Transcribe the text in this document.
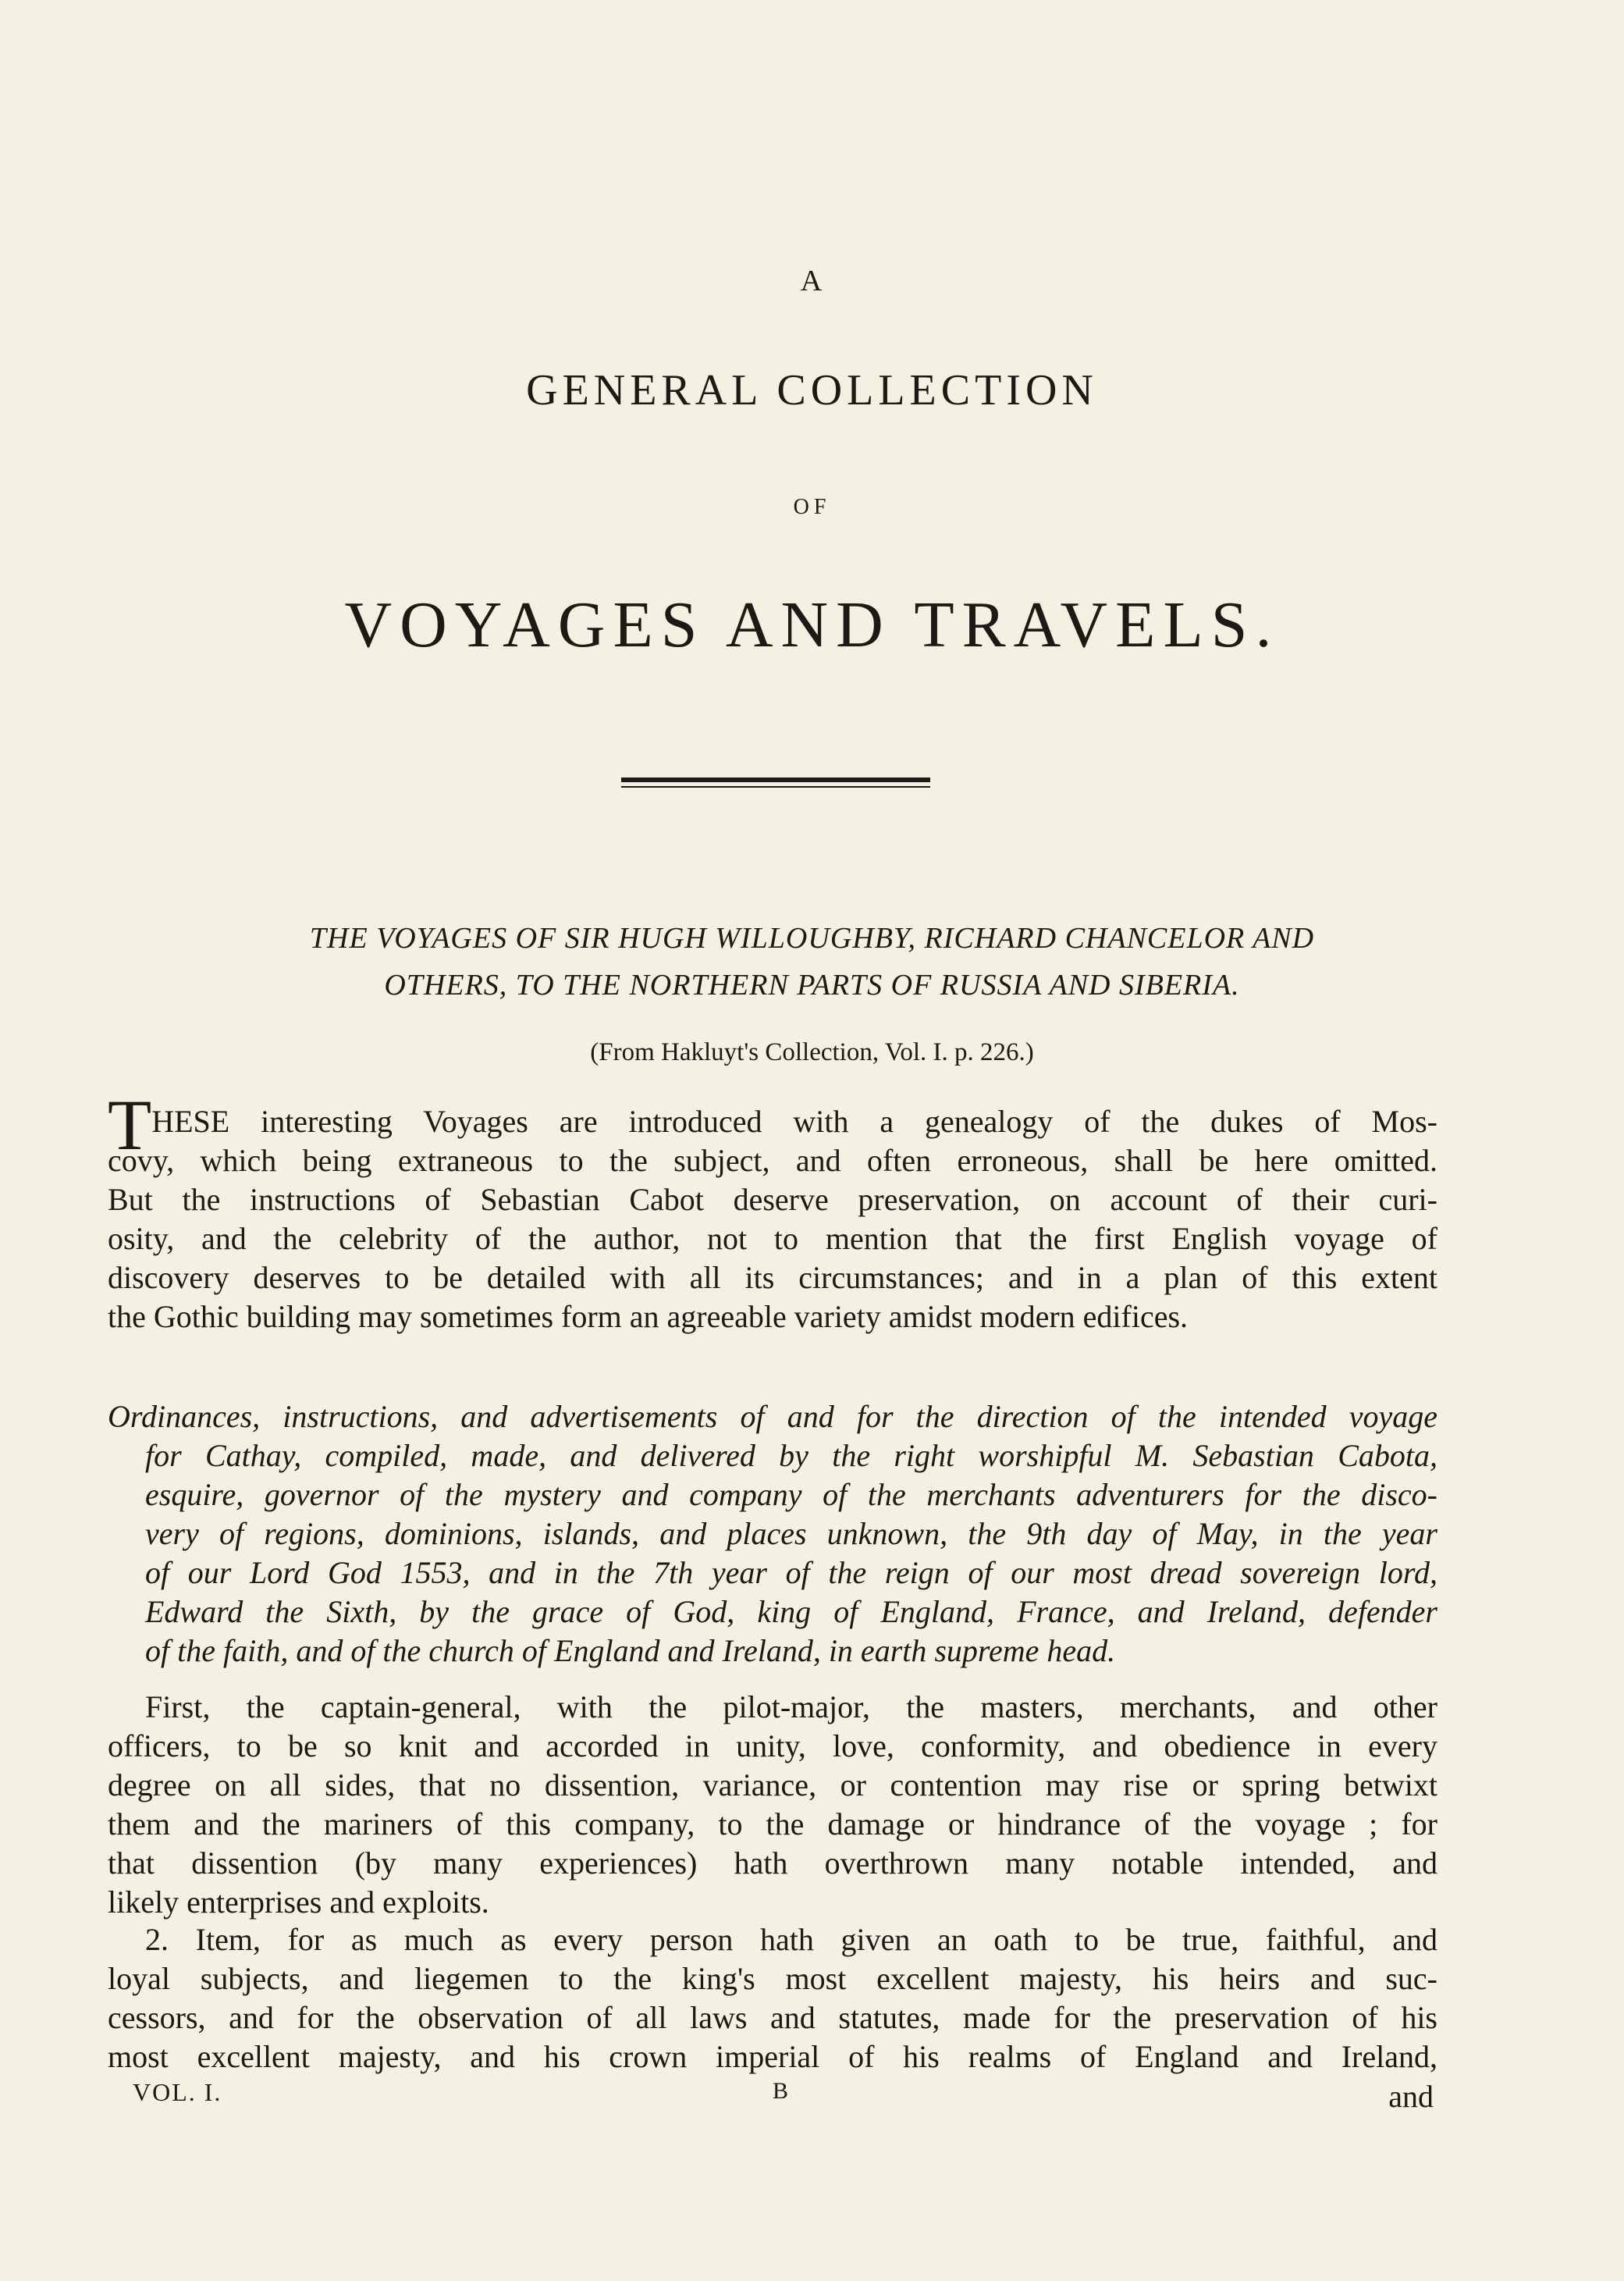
A
GENERAL COLLECTION
OF
VOYAGES AND TRAVELS.
THE VOYAGES OF SIR HUGH WILLOUGHBY, RICHARD CHANCELOR AND
OTHERS, TO THE NORTHERN PARTS OF RUSSIA AND SIBERIA.
(From Hakluyt's Collection, Vol. I. p. 226.)
THESE interesting Voyages are introduced with a genealogy of the dukes of Mos-
covy, which being extraneous to the subject, and often erroneous, shall be here omitted.
But the instructions of Sebastian Cabot deserve preservation, on account of their curi-
osity, and the celebrity of the author, not to mention that the first English voyage of
discovery deserves to be detailed with all its circumstances; and in a plan of this extent
the Gothic building may sometimes form an agreeable variety amidst modern edifices.
Ordinances, instructions, and advertisements of and for the direction of the intended voyage
for Cathay, compiled, made, and delivered by the right worshipful M. Sebastian Cabota,
esquire, governor of the mystery and company of the merchants adventurers for the disco-
very of regions, dominions, islands, and places unknown, the 9th day of May, in the year
of our Lord God 1553, and in the 7th year of the reign of our most dread sovereign lord,
Edward the Sixth, by the grace of God, king of England, France, and Ireland, defender
of the faith, and of the church of England and Ireland, in earth supreme head.
First, the captain-general, with the pilot-major, the masters, merchants, and other
officers, to be so knit and accorded in unity, love, conformity, and obedience in every
degree on all sides, that no dissention, variance, or contention may rise or spring betwixt
them and the mariners of this company, to the damage or hindrance of the voyage ; for
that dissention (by many experiences) hath overthrown many notable intended, and
likely enterprises and exploits.
2. Item, for as much as every person hath given an oath to be true, faithful, and
loyal subjects, and liegemen to the king's most excellent majesty, his heirs and suc-
cessors, and for the observation of all laws and statutes, made for the preservation of his
most excellent majesty, and his crown imperial of his realms of England and Ireland,
VOL. I.	B	and
